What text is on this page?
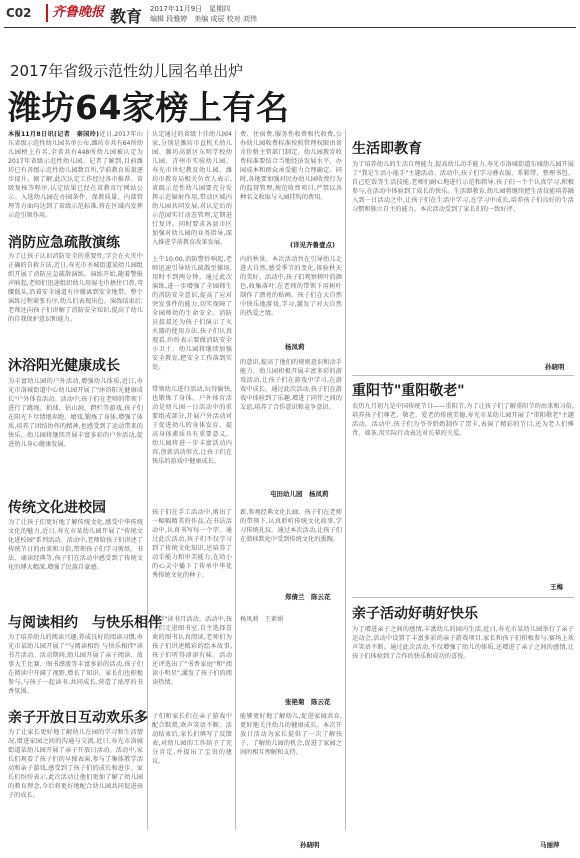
C02	齐鲁晚报 教育 2017年11月9日　星期四
编辑 段雅婷　美编 成辰 校对 刘伟
2017年省级示范性幼儿园名单出炉
潍坊64家榜上有名
本报11月8日讯(记者　秦国玲)近日,2017年山东省级示范性幼儿园名单公布,潍坊市共有64所幼儿园榜上有名,全省共有448所幼儿园被认定为2017年省级示范性幼儿园。记者了解到,目前潍坊已有各级示范性幼儿园数百所,学前教育质量逐步提升。据了解,此次认定工作经过各市推荐、省级复核等程序,认定结果已经在省教育厅网站公示。入选幼儿园在办园条件、保教质量、内部管理等方面均达到了省级示范标准,将在区域内发挥示范引领作用。
消防应急疏散演练
为了让孩子认识消防安全的重要性,学会在火灾中正确的自救方法,近日,寿光市圣城街道某幼儿园组织开展了消防应急疏散演练。演练开始,随着警报声响起,老师们迅速组织幼儿用湿毛巾捂住口鼻,弯腰低头,沿着安全通道有序撤离到安全地带。整个演练过程紧张有序,幼儿们表现出色。演练结束后,老师还向孩子们讲解了消防安全知识,提高了幼儿的自我保护意识和能力。
沐浴阳光健康成长
为丰富幼儿园的户外活动,增强幼儿体质,近日,寿光市洛城街道中心幼儿园开展了"沐浴阳光健康成长"户外体育活动。活动中,孩子们在老师的带领下进行了跳绳、拍球、钻山洞、跨栏等游戏,孩子们在阳光下尽情地奔跑、嬉戏,锻炼了身体,增强了体质,培养了团结协作的精神,也感受到了运动带来的快乐。幼儿园将继续开展丰富多彩的户外活动,促进幼儿身心健康发展。
传统文化进校园
为了让孩子们更好地了解传统文化,感受中华传统文化的魅力,近日,寿光市某幼儿园开展了"传统文化进校园"系列活动。活动中,老师给孩子们讲述了传统节日的由来和习俗,带领孩子们学习剪纸、书法、诵读经典等,孩子们在活动中感受到了传统文化的博大精深,增强了民族自豪感。
与阅读相约　与快乐相伴
为了培养幼儿的阅读兴趣,养成良好的阅读习惯,寿光市某幼儿园开展了"与阅读相约 与快乐相伴"读书月活动。活动期间,幼儿园开展了亲子阅读、故事大王比赛、图书漂流等丰富多彩的活动,孩子们在阅读中开阔了视野,增长了知识。家长们也积极参与,与孩子一起读书,共同成长,营造了浓厚的书香氛围。
亲子开放日互动欢乐多
为了让家长更好地了解幼儿在园的学习和生活情况,增进家园之间的沟通与交流,近日,寿光市洛城街道某幼儿园开展了亲子开放日活动。活动中,家长们观看了孩子们的早操表演,参与了集体教学活动和亲子游戏,感受到了孩子们的成长和进步。家长们纷纷表示,此次活动让他们更加了解了幼儿园的教育理念,今后将更好地配合幼儿园共同促进孩子的成长。
认定通过的省级十佳幼儿园4家,分别是潍坊市直机关幼儿园、潍坊高新区东明学校幼儿园、青州市实验幼儿园、寿光市世纪教育幼儿园。潍坊市教育局相关负责人表示,省级示范性幼儿园要充分发挥示范辐射作用,带动区域内幼儿园共同发展,对认定后的示范园实行动态管理,定期进行复评。同时要求各县市区加强对幼儿园的业务指导,深入推进学前教育改革发展。
上午10:00,消防警铃响起,老师迅速引导幼儿疏散至操场,用时不到两分钟。通过此次演练,进一步增强了全园师生的消防安全意识,提高了应对突发事件的能力,切实保障了全园师幼的生命安全。消防员叔叔还为孩子们演示了灭火器的使用方法,孩子们认真观看,纷纷表示要做消防安全小卫士。幼儿园将继续加强安全教育,把安全工作落到实处。
带领幼儿进行活动,玩得愉快,也锻炼了身体。户外体育活动是幼儿园一日活动中的重要组成部分,开展户外活动对于促进幼儿的身体发育、提高身体素质具有重要意义。幼儿园将进一步丰富活动内容,创新活动形式,让孩子们在快乐的游戏中健康成长。
孩子们在手工活动中,剪出了一幅幅精美的作品,在书法活动中,认真书写每一个字。通过此次活动,孩子们不仅学习到了传统文化知识,还培养了动手能力和审美能力,在幼小的心灵中播下了传承中华优秀传统文化的种子。
相伴"读书月活动。活动中,孩子们走进图书室,自主选择喜欢的图书认真阅读,老师们为孩子们讲述精彩的绘本故事,孩子们听得津津有味。活动还评选出了"书香家庭"和"阅读小明星",激发了孩子们的阅读热情。
子们和家长们在亲子游戏中配合默契,欢声笑语不断。活动结束后,家长们填写了反馈表,对幼儿园的工作给予了充分肯定,并提出了宝贵的建议。
费、住宿费,服务性收费和代收费,公办幼儿园收费标准按照管理权限由省市价格主管部门制定。幼儿园教育收费标准要结合当地经济发展水平、办园成本和群众承受能力合理确定。同时,各地要加强对民办幼儿园收费行为的监督管理,规范收费项目,严禁以各种名义收取与入园挂钩的费用。
(详见齐鲁壹点)
内的秋景。本次活动旨在引导幼儿走进大自然,感受季节的变化,体验秋天的美好。活动中,孩子们观察树叶的颜色,收集落叶,在老师的带领下用树叶制作了漂亮的贴画。孩子们在大自然中快乐地游戏,学习,激发了对大自然的热爱之情。
杨凤莉
的意识,提高了他们的规则意识和动手能力。幼儿园积极开展丰富多彩的游戏活动,让孩子们在游戏中学习,在游戏中成长。通过此次活动,孩子们在游戏中体验到了乐趣,增进了同伴之间的友谊,培养了合作意识和竞争意识。
屯田幼儿园　杨凤莉
新,参观经典文化长廊。孩子们在老师的带领下,认真聆听传统文化故事,学习传统礼仪。通过本次活动,让孩子们在潜移默化中受到传统文化的熏陶。
郑倩兰　陈云花
杨凤莉　王素娟
张艳菊　陈云花
能够更好地了解幼儿,促进家园共育,更好地关注幼儿的健康成长。本次开放日活动为家长提供了一次了解孩子、了解幼儿园的机会,促进了家园之间的相互理解和支持。
孙晓明
生活即教育
为了培养幼儿的生活自理能力,提高幼儿动手能力,寿光市洛城街道东城幼儿园开展了"我是生活小能手"主题活动。活动中,孩子们学习叠衣服、系鞋带、整理书包、自己吃饭等生活技能,老师们耐心地进行示范和指导,孩子们一个个认真学习,积极参与,在活动中体验到了成长的快乐。生活即教育,幼儿园将继续把生活技能培养融入到一日活动之中,让孩子们在生活中学习,在学习中成长,培养孩子们良好的生活习惯和独立自主的能力。本次活动受到了家长们的一致好评。
孙晓明
重阳节"重阳敬老"
农历九月初九是中国传统节日——重阳节,为了让孩子们了解重阳节的由来和习俗,培养孩子们尊老、敬老、爱老的传统美德,寿光市某幼儿园开展了"重阳敬老"主题活动。活动中,孩子们为爷爷奶奶制作了贺卡,表演了精彩的节目,还为老人们捶背、端茶,用实际行动表达对长辈的关爱。
王梅
亲子活动好萌好快乐
为了增进亲子之间的感情,丰富幼儿的园内生活,近日,寿光市某幼儿园举行了亲子运动会,活动中设置了丰富多彩的亲子游戏项目,家长和孩子们积极参与,赛场上欢声笑语不断。通过此次活动,不仅增强了幼儿的体质,还增进了亲子之间的感情,让孩子们体验到了合作的快乐和成功的喜悦。
马丽萍
